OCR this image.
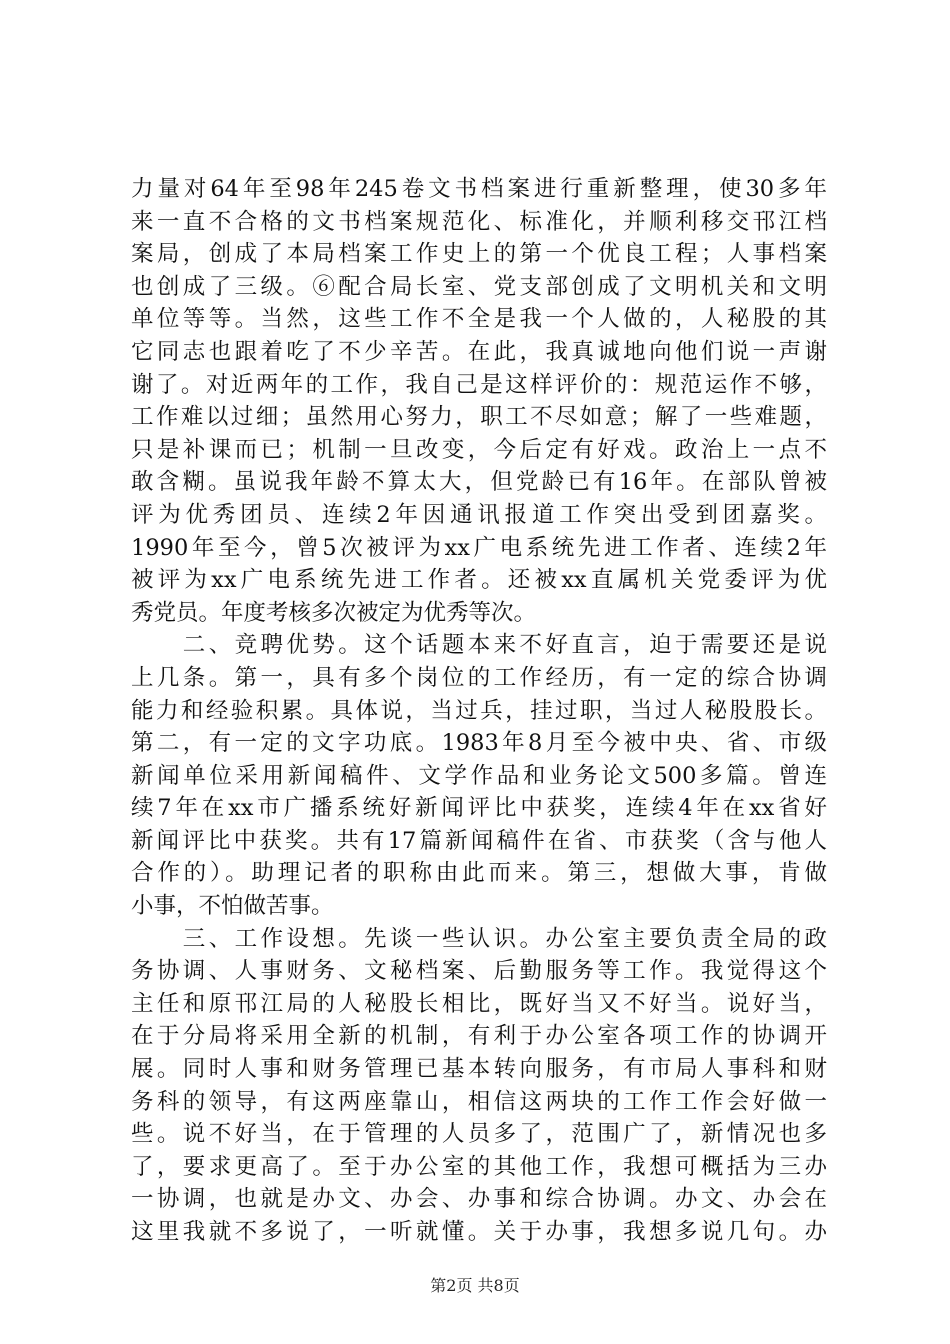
力量对64年至98年245卷文书档案进行重新整理，使30多年
来一直不合格的文书档案规范化、标准化，并顺利移交邗江档
案局，创成了本局档案工作史上的第一个优良工程；人事档案
也创成了三级。⑥配合局长室、党支部创成了文明机关和文明
单位等等。当然，这些工作不全是我一个人做的，人秘股的其
它同志也跟着吃了不少辛苦。在此，我真诚地向他们说一声谢
谢了。对近两年的工作，我自己是这样评价的：规范运作不够，
工作难以过细；虽然用心努力，职工不尽如意；解了一些难题，
只是补课而已；机制一旦改变，今后定有好戏。政治上一点不
敢含糊。虽说我年龄不算太大，但党龄已有16年。在部队曾被
评为优秀团员、连续2年因通讯报道工作突出受到团嘉奖。
1990年至今，曾5次被评为xx广电系统先进工作者、连续2年
被评为xx广电系统先进工作者。还被xx直属机关党委评为优
秀党员。年度考核多次被定为优秀等次。
　　二、竞聘优势。这个话题本来不好直言，迫于需要还是说
上几条。第一，具有多个岗位的工作经历，有一定的综合协调
能力和经验积累。具体说，当过兵，挂过职，当过人秘股股长。
第二，有一定的文字功底。1983年8月至今被中央、省、市级
新闻单位采用新闻稿件、文学作品和业务论文500多篇。曾连
续7年在xx市广播系统好新闻评比中获奖，连续4年在xx省好
新闻评比中获奖。共有17篇新闻稿件在省、市获奖（含与他人
合作的）。助理记者的职称由此而来。第三，想做大事，肯做
小事，不怕做苦事。
　　三、工作设想。先谈一些认识。办公室主要负责全局的政
务协调、人事财务、文秘档案、后勤服务等工作。我觉得这个
主任和原邗江局的人秘股长相比，既好当又不好当。说好当，
在于分局将采用全新的机制，有利于办公室各项工作的协调开
展。同时人事和财务管理已基本转向服务，有市局人事科和财
务科的领导，有这两座靠山，相信这两块的工作工作会好做一
些。说不好当，在于管理的人员多了，范围广了，新情况也多
了，要求更高了。至于办公室的其他工作，我想可概括为三办
一协调，也就是办文、办会、办事和综合协调。办文、办会在
这里我就不多说了，一听就懂。关于办事，我想多说几句。办
第2页 共8页
